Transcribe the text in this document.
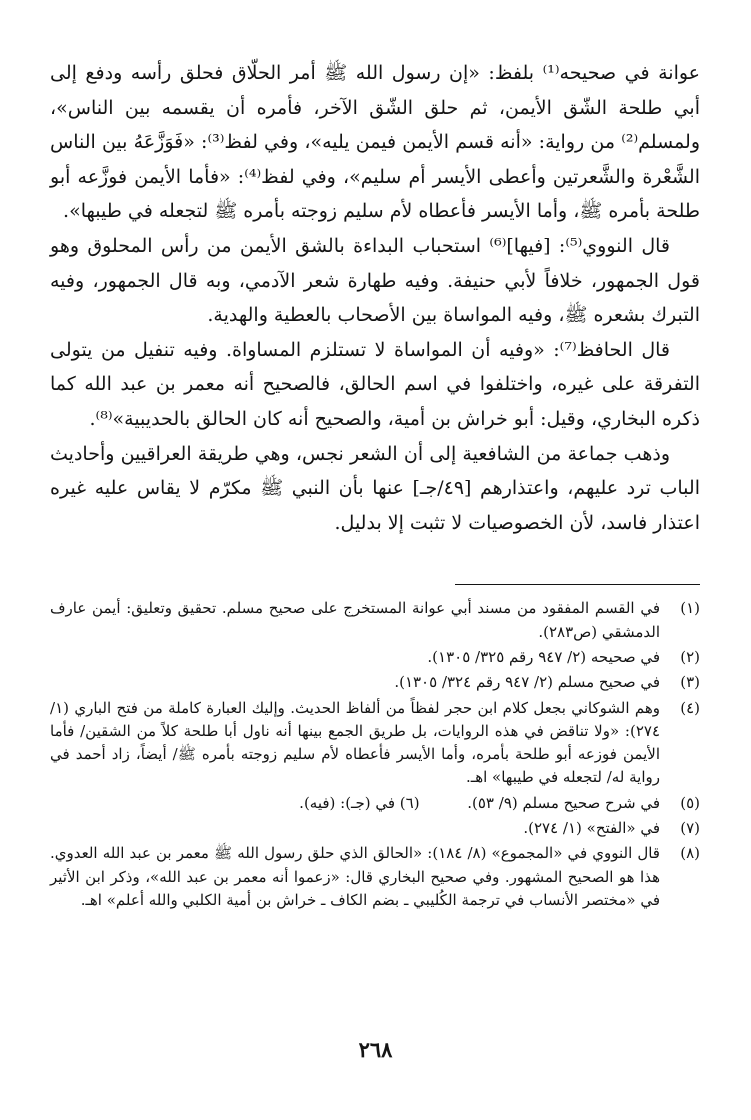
عوانة في صحيحه⁽¹⁾ بلفظ: «إن رسول الله ﷺ أمر الحلّاق فحلق رأسه ودفع إلى أبي طلحة الشّق الأيمن، ثم حلق الشّق الآخر، فأمره أن يقسمه بين الناس»، ولمسلم⁽²⁾ من رواية: «أنه قسم الأيمن فيمن يليه»، وفي لفظ⁽³⁾: «فَوَزَّعَهُ بين الناس الشَّعْرة والشَّعرتين وأعطى الأيسر أم سليم»، وفي لفظ⁽⁴⁾: «فأما الأيمن فوزَّعه أبو طلحة بأمره ﷺ، وأما الأيسر فأعطاه لأم سليم زوجته بأمره ﷺ لتجعله في طيبها».

قال النووي⁽⁵⁾: [فيها]⁽⁶⁾ استحباب البداءة بالشق الأيمن من رأس المحلوق وهو قول الجمهور، خلافاً لأبي حنيفة. وفيه طهارة شعر الآدمي، وبه قال الجمهور، وفيه التبرك بشعره ﷺ، وفيه المواساة بين الأصحاب بالعطية والهدية.

قال الحافظ⁽⁷⁾: «وفيه أن المواساة لا تستلزم المساواة. وفيه تنفيل من يتولى التفرقة على غيره، واختلفوا في اسم الحالق، فالصحيح أنه معمر بن عبد الله كما ذكره البخاري، وقيل: أبو خراش بن أمية، والصحيح أنه كان الحالق بالحديبية»⁽⁸⁾.

وذهب جماعة من الشافعية إلى أن الشعر نجس، وهي طريقة العراقيين وأحاديث الباب ترد عليهم، واعتذارهم [٤٩/جـ] عنها بأن النبي ﷺ مكرّم لا يقاس عليه غيره اعتذار فاسد، لأن الخصوصيات لا تثبت إلا بدليل.

(١)
في القسم المفقود من مسند أبي عوانة المستخرج على صحيح مسلم. تحقيق وتعليق: أيمن عارف الدمشقي (ص٢٨٣).
(٢)
في صحيحه (٢/ ٩٤٧ رقم ٣٢٥/ ١٣٠٥).
(٣)
في صحيح مسلم (٢/ ٩٤٧ رقم ٣٢٤/ ١٣٠٥).
(٤)
وهم الشوكاني بجعل كلام ابن حجر لفظاً من ألفاظ الحديث. وإليك العبارة كاملة من فتح الباري (١/ ٢٧٤): «ولا تناقض في هذه الروايات، بل طريق الجمع بينها أنه ناول أبا طلحة كلاً من الشقين/ فأما الأيمن فوزعه أبو طلحة بأمره، وأما الأيسر فأعطاه لأم سليم زوجته بأمره ﷺ/ أيضاً، زاد أحمد في رواية له/ لتجعله في طيبها» اهـ.
(٥)
في شرح صحيح مسلم (٩/ ٥٣).          (٦) في (جـ): (فيه).
(٧)
في «الفتح» (١/ ٢٧٤).
(٨)
قال النووي في «المجموع» (٨/ ١٨٤): «الحالق الذي حلق رسول الله ﷺ معمر بن عبد الله العدوي. هذا هو الصحيح المشهور. وفي صحيح البخاري قال: «زعموا أنه معمر بن عبد الله»، وذكر ابن الأثير في «مختصر الأنساب في ترجمة الكُليبي ـ بضم الكاف ـ خراش بن أمية الكلبي والله أعلم» اهـ.
٢٦٨
